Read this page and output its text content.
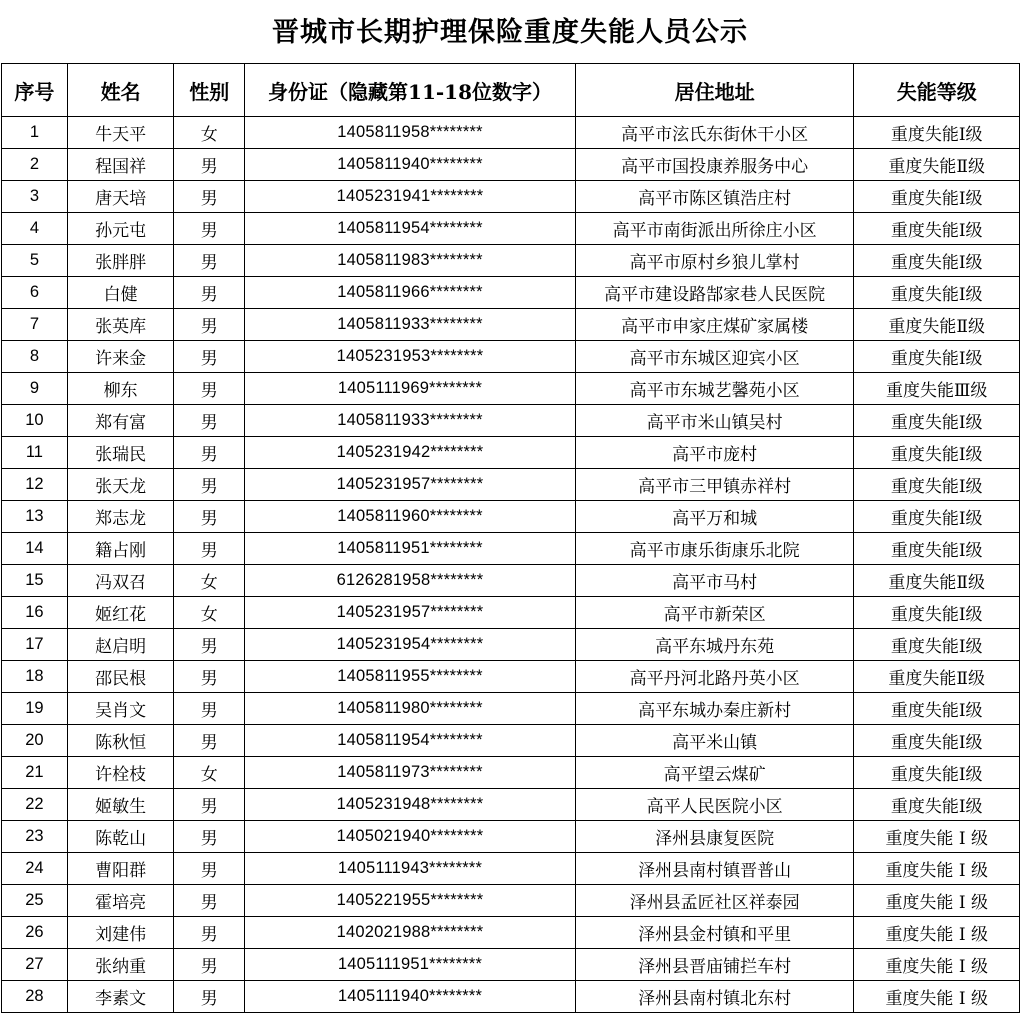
晋城市长期护理保险重度失能人员公示
序号	姓名	性别	身份证（隐藏第11-18位数字）	居住地址	失能等级
1	牛天平	女	1405811958********	高平市泫氏东街休干小区	重度失能Ⅰ级
2	程国祥	男	1405811940********	高平市国投康养服务中心	重度失能Ⅱ级
3	唐天培	男	1405231941********	高平市陈区镇浩庄村	重度失能Ⅰ级
4	孙元屯	男	1405811954********	高平市南街派出所徐庄小区	重度失能Ⅰ级
5	张胖胖	男	1405811983********	高平市原村乡狼儿掌村	重度失能Ⅰ级
6	白健	男	1405811966********	高平市建设路郜家巷人民医院	重度失能Ⅰ级
7	张英库	男	1405811933********	高平市申家庄煤矿家属楼	重度失能Ⅱ级
8	许来金	男	1405231953********	高平市东城区迎宾小区	重度失能Ⅰ级
9	柳东	男	1405111969********	高平市东城艺馨苑小区	重度失能Ⅲ级
10	郑有富	男	1405811933********	高平市米山镇吴村	重度失能Ⅰ级
11	张瑞民	男	1405231942********	高平市庞村	重度失能Ⅰ级
12	张天龙	男	1405231957********	高平市三甲镇赤祥村	重度失能Ⅰ级
13	郑志龙	男	1405811960********	高平万和城	重度失能Ⅰ级
14	籍占刚	男	1405811951********	高平市康乐街康乐北院	重度失能Ⅰ级
15	冯双召	女	6126281958********	高平市马村	重度失能Ⅱ级
16	姬红花	女	1405231957********	高平市新荣区	重度失能Ⅰ级
17	赵启明	男	1405231954********	高平东城丹东苑	重度失能Ⅰ级
18	邵民根	男	1405811955********	高平丹河北路丹英小区	重度失能Ⅱ级
19	吴肖文	男	1405811980********	高平东城办秦庄新村	重度失能Ⅰ级
20	陈秋恒	男	1405811954********	高平米山镇	重度失能Ⅰ级
21	许栓枝	女	1405811973********	高平望云煤矿	重度失能Ⅰ级
22	姬敏生	男	1405231948********	高平人民医院小区	重度失能Ⅰ级
23	陈乾山	男	1405021940********	泽州县康复医院	重度失能 Ⅰ 级
24	曹阳群	男	1405111943********	泽州县南村镇晋普山	重度失能 Ⅰ 级
25	霍培亮	男	1405221955********	泽州县孟匠社区祥泰园	重度失能 Ⅰ 级
26	刘建伟	男	1402021988********	泽州县金村镇和平里	重度失能 Ⅰ 级
27	张纳重	男	1405111951********	泽州县晋庙铺拦车村	重度失能 Ⅰ 级
28	李素文	男	1405111940********	泽州县南村镇北东村	重度失能 Ⅰ 级
